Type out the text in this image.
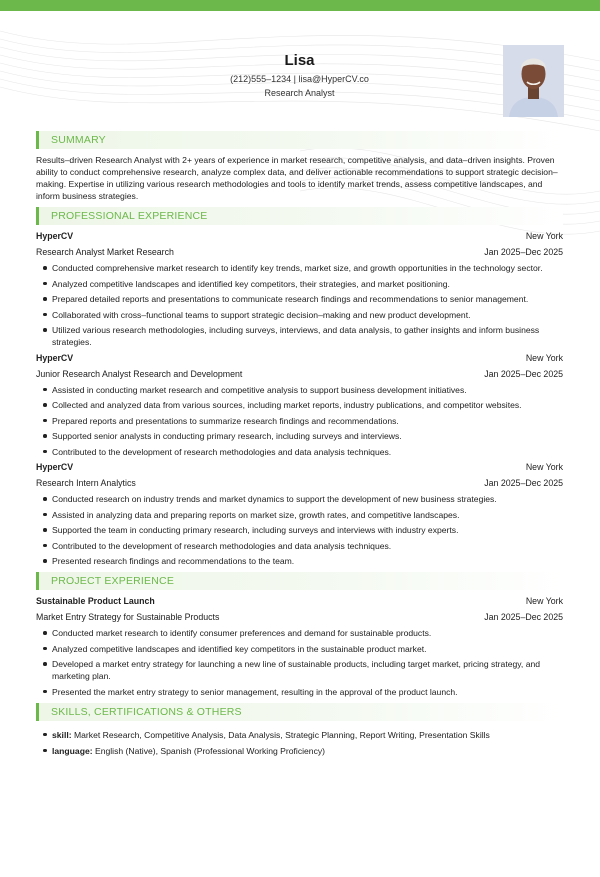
Lisa
(212)555–1234 | lisa@HyperCV.co
Research Analyst
SUMMARY
Results–driven Research Analyst with 2+ years of experience in market research, competitive analysis, and data–driven insights. Proven ability to conduct comprehensive research, analyze complex data, and deliver actionable recommendations to support strategic decision–making. Expertise in utilizing various research methodologies and tools to identify market trends, assess competitive landscapes, and inform business strategies.
PROFESSIONAL EXPERIENCE
HyperCV	New York
Research Analyst Market Research	Jan 2025–Dec 2025
Conducted comprehensive market research to identify key trends, market size, and growth opportunities in the technology sector.
Analyzed competitive landscapes and identified key competitors, their strategies, and market positioning.
Prepared detailed reports and presentations to communicate research findings and recommendations to senior management.
Collaborated with cross–functional teams to support strategic decision–making and new product development.
Utilized various research methodologies, including surveys, interviews, and data analysis, to gather insights and inform business strategies.
HyperCV	New York
Junior Research Analyst Research and Development	Jan 2025–Dec 2025
Assisted in conducting market research and competitive analysis to support business development initiatives.
Collected and analyzed data from various sources, including market reports, industry publications, and competitor websites.
Prepared reports and presentations to summarize research findings and recommendations.
Supported senior analysts in conducting primary research, including surveys and interviews.
Contributed to the development of research methodologies and data analysis techniques.
HyperCV	New York
Research Intern Analytics	Jan 2025–Dec 2025
Conducted research on industry trends and market dynamics to support the development of new business strategies.
Assisted in analyzing data and preparing reports on market size, growth rates, and competitive landscapes.
Supported the team in conducting primary research, including surveys and interviews with industry experts.
Contributed to the development of research methodologies and data analysis techniques.
Presented research findings and recommendations to the team.
PROJECT EXPERIENCE
Sustainable Product Launch	New York
Market Entry Strategy for Sustainable Products	Jan 2025–Dec 2025
Conducted market research to identify consumer preferences and demand for sustainable products.
Analyzed competitive landscapes and identified key competitors in the sustainable product market.
Developed a market entry strategy for launching a new line of sustainable products, including target market, pricing strategy, and marketing plan.
Presented the market entry strategy to senior management, resulting in the approval of the product launch.
SKILLS, CERTIFICATIONS & OTHERS
skill: Market Research, Competitive Analysis, Data Analysis, Strategic Planning, Report Writing, Presentation Skills
language: English (Native), Spanish (Professional Working Proficiency)
